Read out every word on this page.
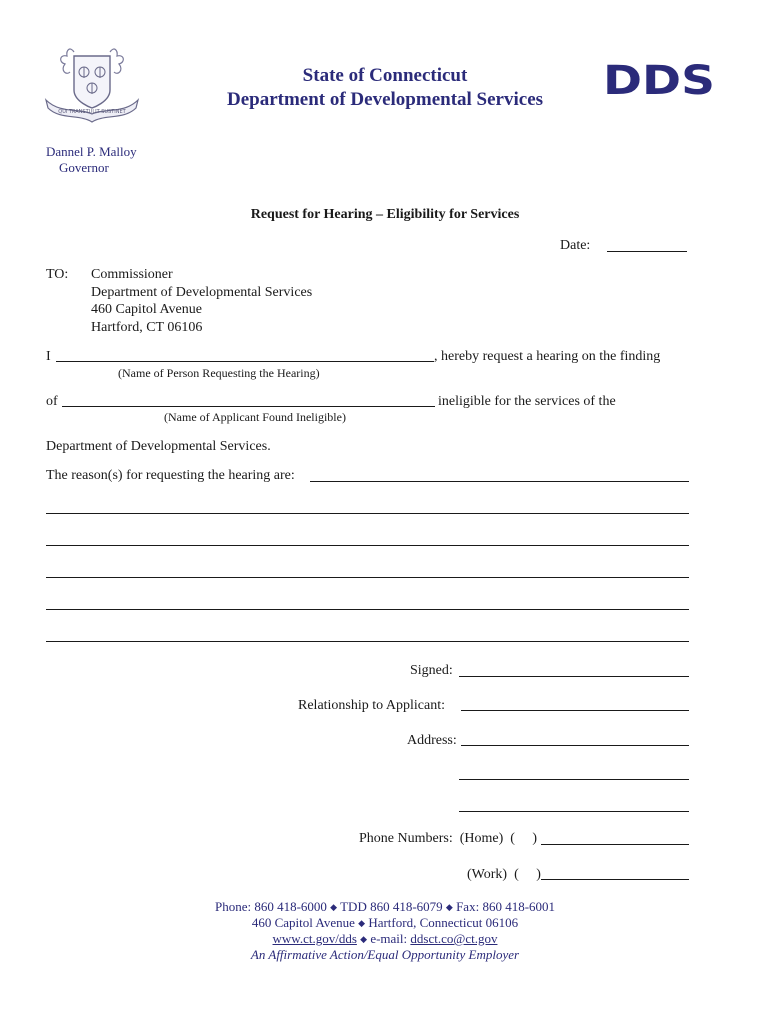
QUI TRANSTULIT SUSTINET
State of Connecticut
Department of Developmental Services DDS
Dannel P. Malloy
Governor
Request for Hearing – Eligibility for Services
Date:
TO: Commissioner
Department of Developmental Services
460 Capitol Avenue
Hartford, CT 06106
I	, hereby request a hearing on the finding
(Name of Person Requesting the Hearing)
of	ineligible for the services of the
(Name of Applicant Found Ineligible)
Department of Developmental Services.
The reason(s) for requesting the hearing are:
Signed:
Relationship to Applicant:
Address:
Phone Numbers:  (Home)  (     )
(Work)  (     )
Phone: 860 418-6000 ◆ TDD 860 418-6079 ◆ Fax: 860 418-6001
460 Capitol Avenue ◆ Hartford, Connecticut 06106
www.ct.gov/dds ◆ e-mail: ddsct.co@ct.gov
An Affirmative Action/Equal Opportunity Employer
